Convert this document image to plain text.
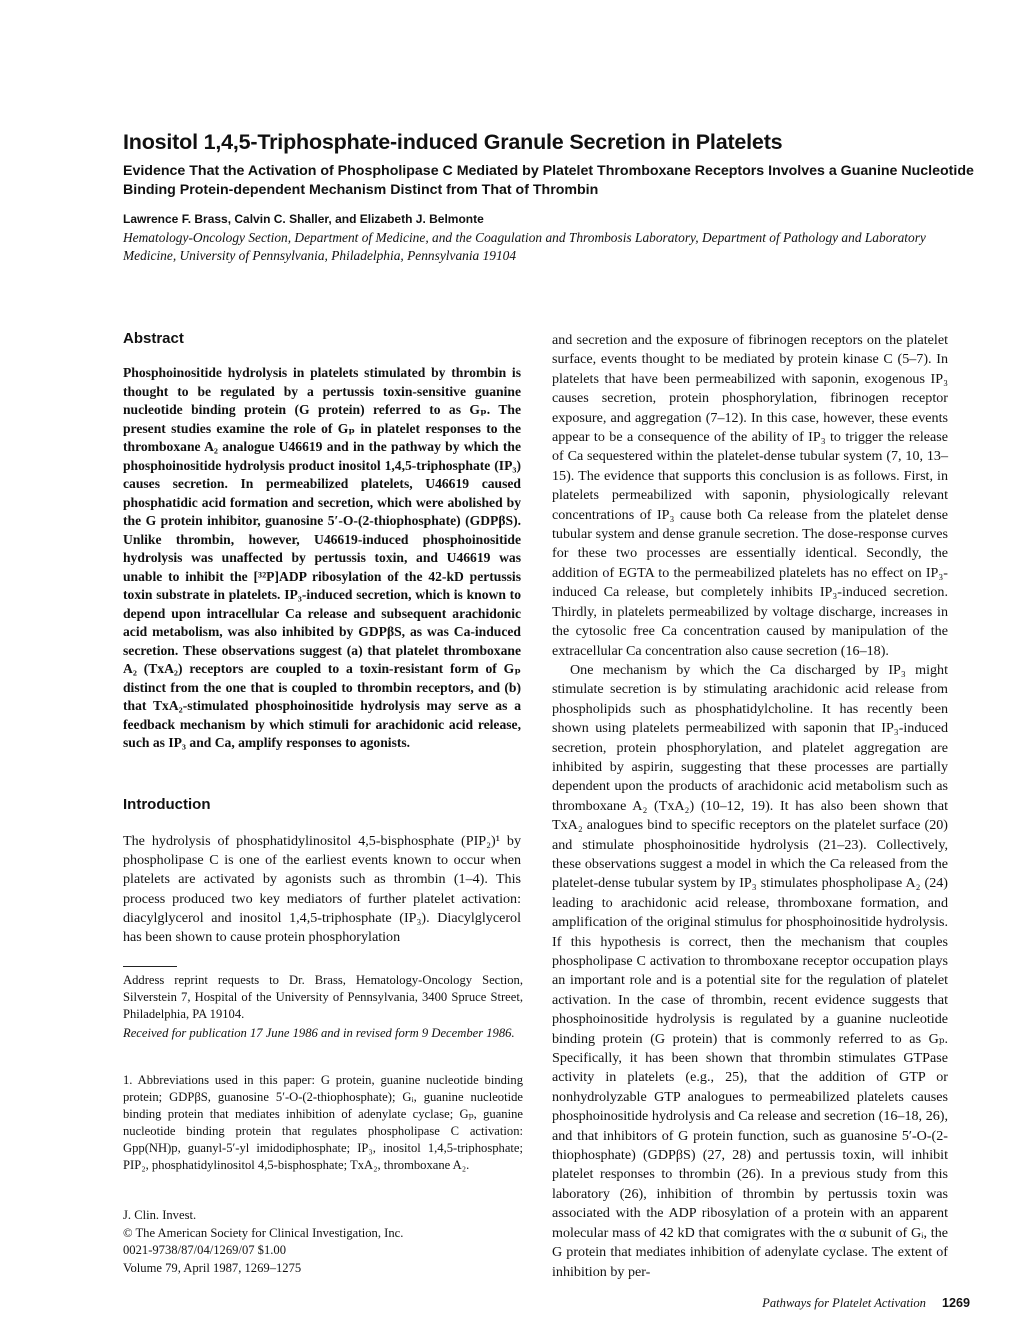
Inositol 1,4,5-Triphosphate-induced Granule Secretion in Platelets
Evidence That the Activation of Phospholipase C Mediated by Platelet Thromboxane Receptors Involves a Guanine Nucleotide Binding Protein-dependent Mechanism Distinct from That of Thrombin

Lawrence F. Brass, Calvin C. Shaller, and Elizabeth J. Belmonte

Hematology-Oncology Section, Department of Medicine, and the Coagulation and Thrombosis Laboratory, Department of Pathology and Laboratory Medicine, University of Pennsylvania, Philadelphia, Pennsylvania 19104

Abstract

Phosphoinositide hydrolysis in platelets stimulated by thrombin is thought to be regulated by a pertussis toxin-sensitive guanine nucleotide binding protein (G protein) referred to as Gₚ. The present studies examine the role of Gₚ in platelet responses to the thromboxane A₂ analogue U46619 and in the pathway by which the phosphoinositide hydrolysis product inositol 1,4,5-triphosphate (IP₃) causes secretion. In permeabilized platelets, U46619 caused phosphatidic acid formation and secretion, which were abolished by the G protein inhibitor, guanosine 5′-O-(2-thiophosphate) (GDPβS). Unlike thrombin, however, U46619-induced phosphoinositide hydrolysis was unaffected by pertussis toxin, and U46619 was unable to inhibit the [³²P]ADP ribosylation of the 42-kD pertussis toxin substrate in platelets. IP₃-induced secretion, which is known to depend upon intracellular Ca release and subsequent arachidonic acid metabolism, was also inhibited by GDPβS, as was Ca-induced secretion. These observations suggest (a) that platelet thromboxane A₂ (TxA₂) receptors are coupled to a toxin-resistant form of Gₚ distinct from the one that is coupled to thrombin receptors, and (b) that TxA₂-stimulated phosphoinositide hydrolysis may serve as a feedback mechanism by which stimuli for arachidonic acid release, such as IP₃ and Ca, amplify responses to agonists.

Introduction

The hydrolysis of phosphatidylinositol 4,5-bisphosphate (PIP₂)¹ by phospholipase C is one of the earliest events known to occur when platelets are activated by agonists such as thrombin (1–4). This process produced two key mediators of further platelet activation: diacylglycerol and inositol 1,4,5-triphosphate (IP₃). Diacylglycerol has been shown to cause protein phosphorylation

Address reprint requests to Dr. Brass, Hematology-Oncology Section, Silverstein 7, Hospital of the University of Pennsylvania, 3400 Spruce Street, Philadelphia, PA 19104.

Received for publication 17 June 1986 and in revised form 9 December 1986.

1. Abbreviations used in this paper: G protein, guanine nucleotide binding protein; GDPβS, guanosine 5′-O-(2-thiophosphate); Gᵢ, guanine nucleotide binding protein that mediates inhibition of adenylate cyclase; Gₚ, guanine nucleotide binding protein that regulates phospholipase C activation: Gpp(NH)p, guanyl-5′-yl imidodiphosphate; IP₃, inositol 1,4,5-triphosphate; PIP₂, phosphatidylinositol 4,5-bisphosphate; TxA₂, thromboxane A₂.

J. Clin. Invest.
© The American Society for Clinical Investigation, Inc.
0021-9738/87/04/1269/07 $1.00
Volume 79, April 1987, 1269–1275

and secretion and the exposure of fibrinogen receptors on the platelet surface, events thought to be mediated by protein kinase C (5–7). In platelets that have been permeabilized with saponin, exogenous IP₃ causes secretion, protein phosphorylation, fibrinogen receptor exposure, and aggregation (7–12). In this case, however, these events appear to be a consequence of the ability of IP₃ to trigger the release of Ca sequestered within the platelet-dense tubular system (7, 10, 13–15). The evidence that supports this conclusion is as follows. First, in platelets permeabilized with saponin, physiologically relevant concentrations of IP₃ cause both Ca release from the platelet dense tubular system and dense granule secretion. The dose-response curves for these two processes are essentially identical. Secondly, the addition of EGTA to the permeabilized platelets has no effect on IP₃-induced Ca release, but completely inhibits IP₃-induced secretion. Thirdly, in platelets permeabilized by voltage discharge, increases in the cytosolic free Ca concentration caused by manipulation of the extracellular Ca concentration also cause secretion (16–18).

One mechanism by which the Ca discharged by IP₃ might stimulate secretion is by stimulating arachidonic acid release from phospholipids such as phosphatidylcholine. It has recently been shown using platelets permeabilized with saponin that IP₃-induced secretion, protein phosphorylation, and platelet aggregation are inhibited by aspirin, suggesting that these processes are partially dependent upon the products of arachidonic acid metabolism such as thromboxane A₂ (TxA₂) (10–12, 19). It has also been shown that TxA₂ analogues bind to specific receptors on the platelet surface (20) and stimulate phosphoinositide hydrolysis (21–23). Collectively, these observations suggest a model in which the Ca released from the platelet-dense tubular system by IP₃ stimulates phospholipase A₂ (24) leading to arachidonic acid release, thromboxane formation, and amplification of the original stimulus for phosphoinositide hydrolysis. If this hypothesis is correct, then the mechanism that couples phospholipase C activation to thromboxane receptor occupation plays an important role and is a potential site for the regulation of platelet activation. In the case of thrombin, recent evidence suggests that phosphoinositide hydrolysis is regulated by a guanine nucleotide binding protein (G protein) that is commonly referred to as Gₚ. Specifically, it has been shown that thrombin stimulates GTPase activity in platelets (e.g., 25), that the addition of GTP or nonhydrolyzable GTP analogues to permeabilized platelets causes phosphoinositide hydrolysis and Ca release and secretion (16–18, 26), and that inhibitors of G protein function, such as guanosine 5′-O-(2-thiophosphate) (GDPβS) (27, 28) and pertussis toxin, will inhibit platelet responses to thrombin (26). In a previous study from this laboratory (26), inhibition of thrombin by pertussis toxin was associated with the ADP ribosylation of a protein with an apparent molecular mass of 42 kD that comigrates with the α subunit of Gᵢ, the G protein that mediates inhibition of adenylate cyclase. The extent of inhibition by per-

Pathways for Platelet Activation 1269
